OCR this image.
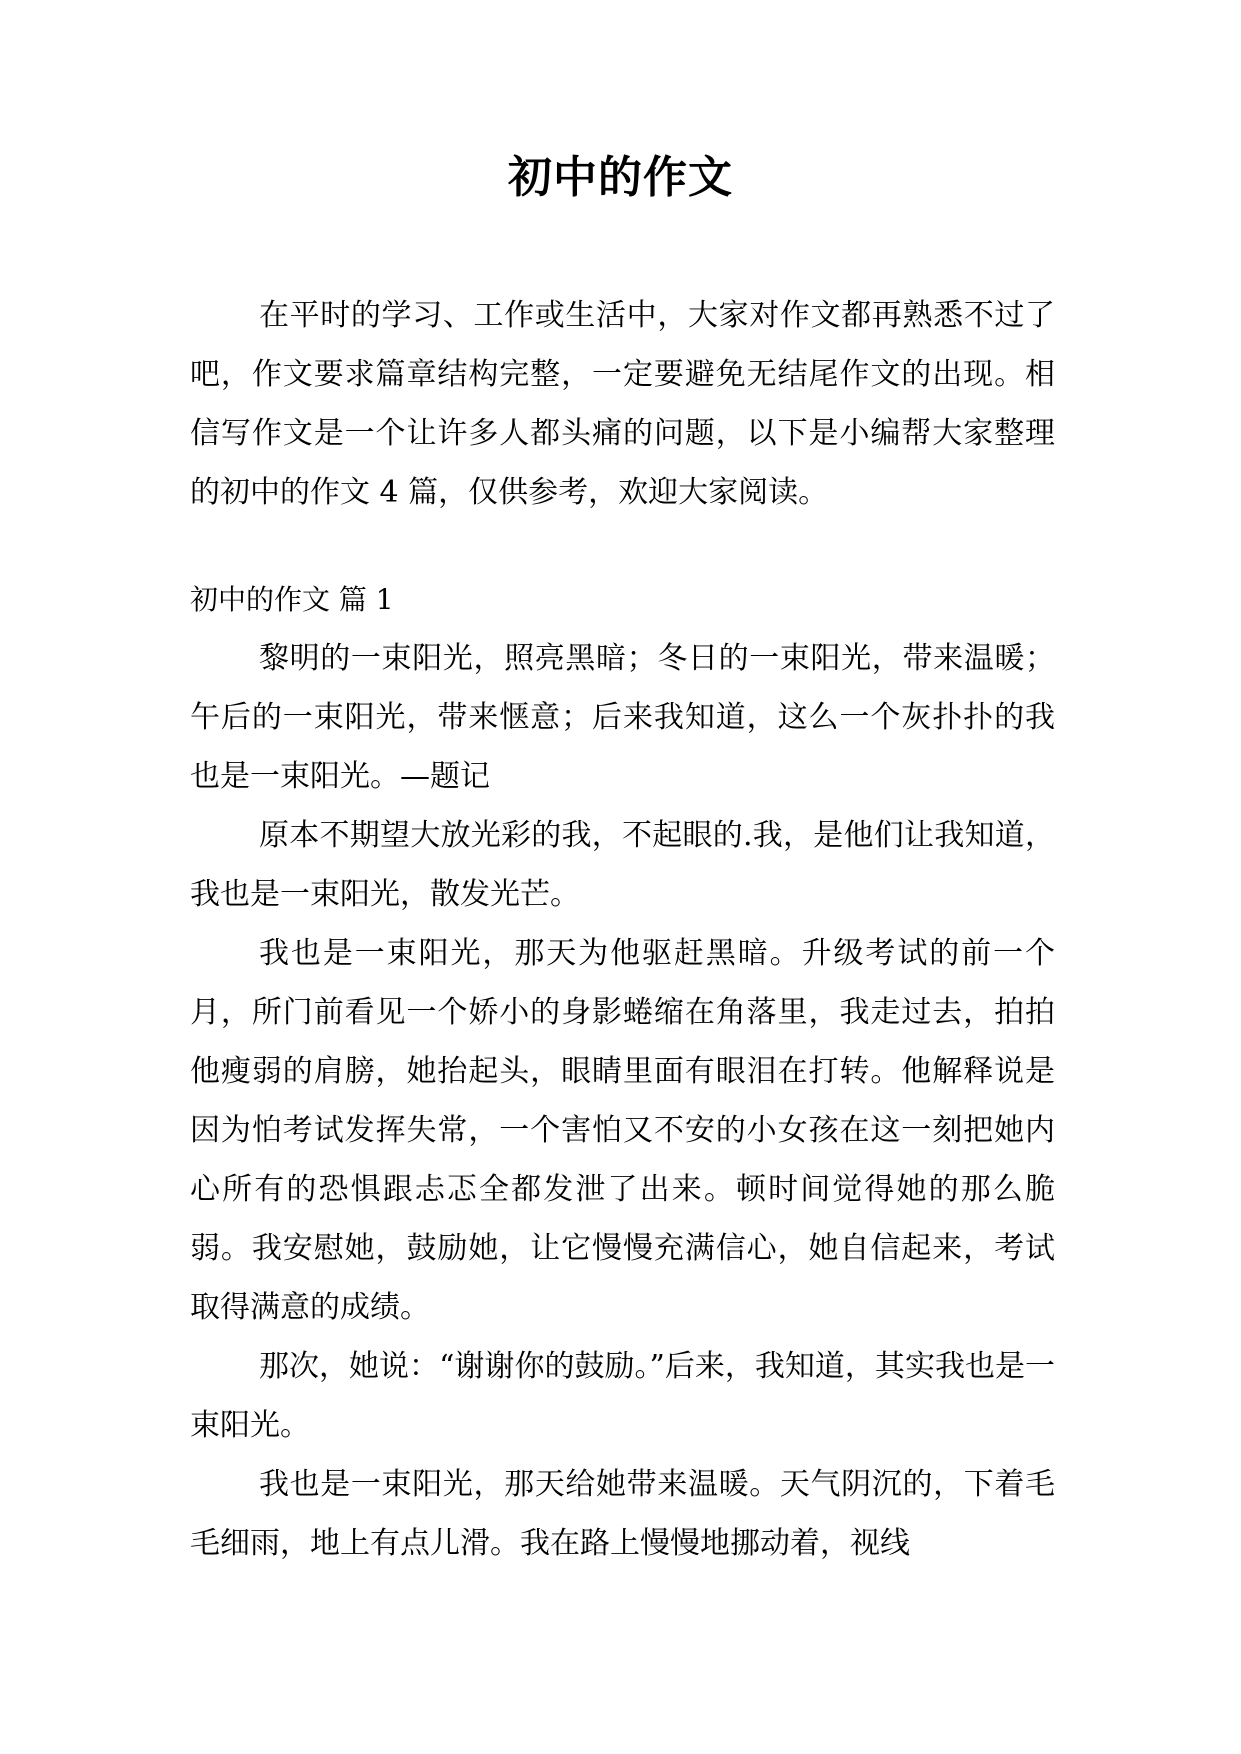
初中的作文

在平时的学习、工作或生活中，大家对作文都再熟悉不过了吧，作文要求篇章结构完整，一定要避免无结尾作文的出现。相信写作文是一个让许多人都头痛的问题，以下是小编帮大家整理的初中的作文 4 篇，仅供参考，欢迎大家阅读。

初中的作文 篇 1

黎明的一束阳光，照亮黑暗；冬日的一束阳光，带来温暖；午后的一束阳光，带来惬意；后来我知道，这么一个灰扑扑的我也是一束阳光。—题记

原本不期望大放光彩的我，不起眼的.我，是他们让我知道，我也是一束阳光，散发光芒。

我也是一束阳光，那天为他驱赶黑暗。升级考试的前一个月，所门前看见一个娇小的身影蜷缩在角落里，我走过去，拍拍他瘦弱的肩膀，她抬起头，眼睛里面有眼泪在打转。他解释说是因为怕考试发挥失常，一个害怕又不安的小女孩在这一刻把她内心所有的恐惧跟忐忑全都发泄了出来。顿时间觉得她的那么脆弱。我安慰她，鼓励她，让它慢慢充满信心，她自信起来，考试取得满意的成绩。

那次，她说：“谢谢你的鼓励。”后来，我知道，其实我也是一束阳光。

我也是一束阳光，那天给她带来温暖。天气阴沉的，下着毛毛细雨，地上有点儿滑。我在路上慢慢地挪动着，视线
